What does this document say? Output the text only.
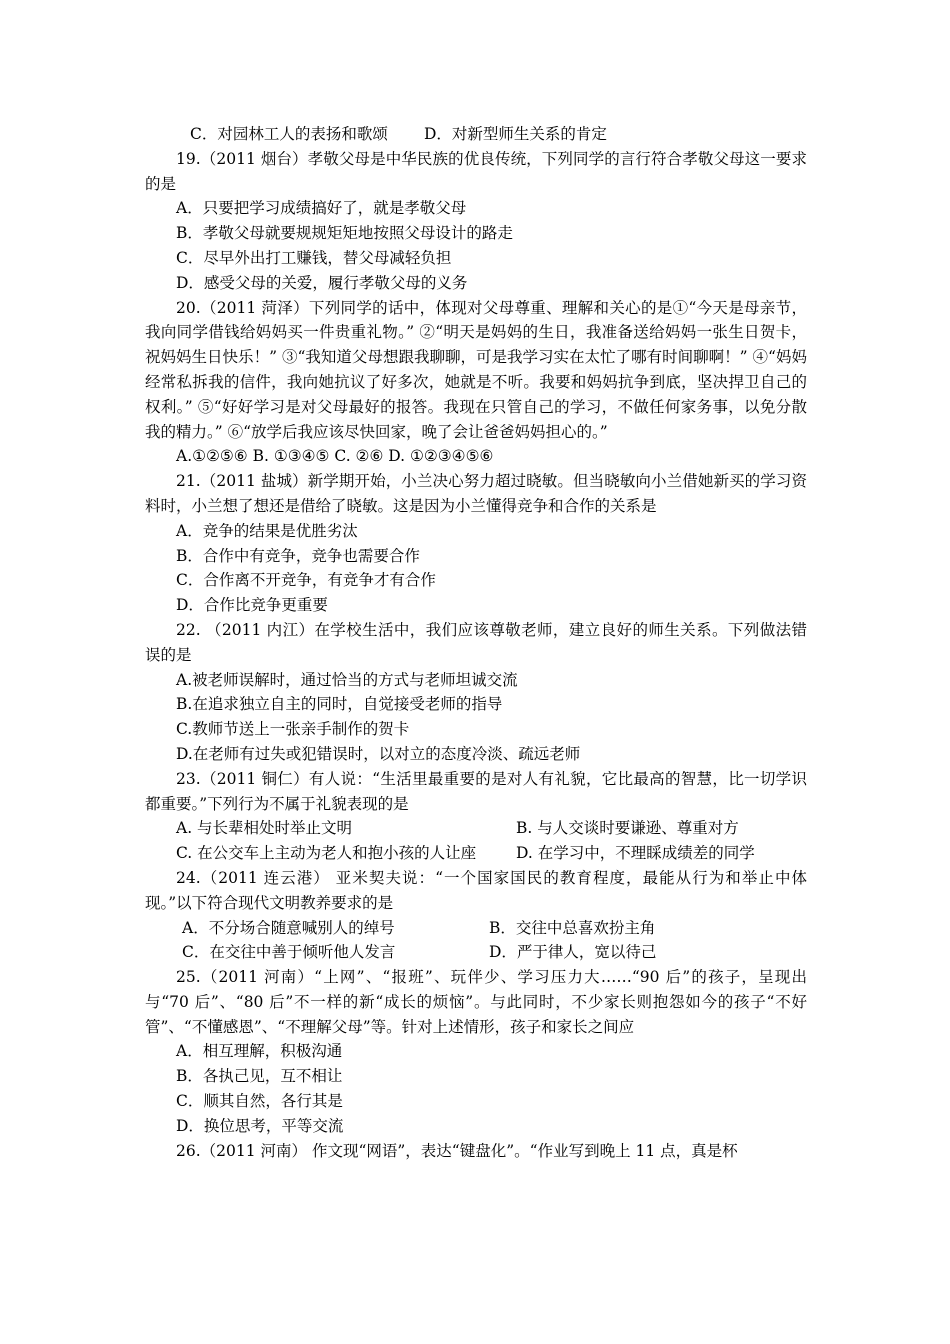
C．对园林工人的表扬和歌颂 D．对新型师生关系的肯定
19.（2011 烟台）孝敬父母是中华民族的优良传统，下列同学的言行符合孝敬父母这一要求的是
A．只要把学习成绩搞好了，就是孝敬父母
B．孝敬父母就要规规矩矩地按照父母设计的路走
C．尽早外出打工赚钱，替父母减轻负担
D．感受父母的关爱，履行孝敬父母的义务
20.（2011 菏泽）下列同学的话中，体现对父母尊重、理解和关心的是①“今天是母亲节，我向同学借钱给妈妈买一件贵重礼物。” ②“明天是妈妈的生日，我准备送给妈妈一张生日贺卡，祝妈妈生日快乐！” ③“我知道父母想跟我聊聊，可是我学习实在太忙了哪有时间聊啊！” ④“妈妈经常私拆我的信件，我向她抗议了好多次，她就是不听。我要和妈妈抗争到底，坚决捍卫自己的权利。” ⑤“好好学习是对父母最好的报答。我现在只管自己的学习，不做任何家务事，以免分散我的精力。” ⑥“放学后我应该尽快回家，晚了会让爸爸妈妈担心的。”
A.①②⑤⑥ B. ①③④⑤ C. ②⑥ D. ①②③④⑤⑥
21.（2011 盐城）新学期开始，小兰决心努力超过晓敏。但当晓敏向小兰借她新买的学习资料时，小兰想了想还是借给了晓敏。这是因为小兰懂得竞争和合作的关系是
A．竞争的结果是优胜劣汰
B．合作中有竞争，竞争也需要合作
C．合作离不开竞争，有竞争才有合作
D．合作比竞争更重要
22. （2011 内江）在学校生活中，我们应该尊敬老师，建立良好的师生关系。下列做法错误的是
A.被老师误解时，通过恰当的方式与老师坦诚交流
B.在追求独立自主的同时，自觉接受老师的指导
C.教师节送上一张亲手制作的贺卡
D.在老师有过失或犯错误时，以对立的态度冷淡、疏远老师
23.（2011 铜仁）有人说：“生活里最重要的是对人有礼貌，它比最高的智慧，比一切学识都重要。”下列行为不属于礼貌表现的是
A. 与长辈相处时举止文明	B. 与人交谈时要谦逊、尊重对方
C. 在公交车上主动为老人和抱小孩的人让座	D. 在学习中，不理睬成绩差的同学
24.（2011 连云港） 亚米契夫说：“一个国家国民的教育程度，最能从行为和举止中体现。”以下符合现代文明教养要求的是
A．不分场合随意喊别人的绰号	B．交往中总喜欢扮主角
C．在交往中善于倾听他人发言	D．严于律人，宽以待己
25.（2011 河南）“上网”、“报班”、玩伴少、学习压力大……“90 后”的孩子，呈现出与“70 后”、“80 后”不一样的新“成长的烦恼”。与此同时，不少家长则抱怨如今的孩子“不好管”、“不懂感恩”、“不理解父母”等。针对上述情形，孩子和家长之间应
A．相互理解，积极沟通
B．各执己见，互不相让
C．顺其自然，各行其是
D．换位思考，平等交流
26.（2011 河南） 作文现“网语”，表达“键盘化”。“作业写到晚上 11 点，真是杯
